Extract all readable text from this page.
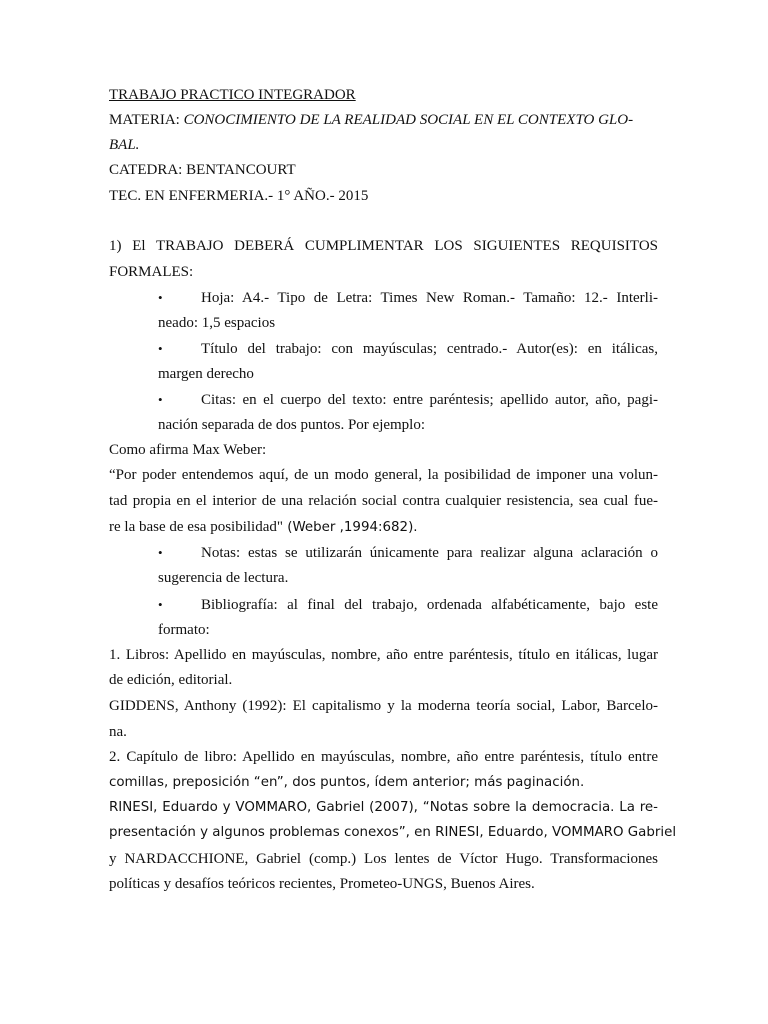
TRABAJO PRACTICO INTEGRADOR
MATERIA: CONOCIMIENTO DE LA REALIDAD SOCIAL EN EL CONTEXTO GLO-
BAL.
CATEDRA: BENTANCOURT
TEC. EN ENFERMERIA.- 1° AÑO.- 2015
1) El TRABAJO DEBERÁ CUMPLIMENTAR LOS SIGUIENTES REQUISITOS
FORMALES:
•	Hoja: A4.- Tipo de Letra: Times New Roman.- Tamaño: 12.- Interli-
neado: 1,5 espacios
•	Título del trabajo: con mayúsculas; centrado.- Autor(es): en itálicas,
margen derecho
•	Citas: en el cuerpo del texto: entre paréntesis; apellido autor, año, pagi-
nación separada de dos puntos. Por ejemplo:
Como afirma Max Weber:
“Por poder entendemos aquí, de un modo general, la posibilidad de imponer una volun-
tad propia en el interior de una relación social contra cualquier resistencia, sea cual fue-
re la base de esa posibilidad" (Weber ,1994:682).
•	Notas: estas se utilizarán únicamente para realizar alguna aclaración o
sugerencia de lectura.
•	Bibliografía: al final del trabajo, ordenada alfabéticamente, bajo este
formato:
1. Libros: Apellido en mayúsculas, nombre, año entre paréntesis, título en itálicas, lugar
de edición, editorial.
GIDDENS, Anthony (1992): El capitalismo y la moderna teoría social, Labor, Barcelo-
na.
2. Capítulo de libro: Apellido en mayúsculas, nombre, año entre paréntesis, título entre
comillas, preposición “en”, dos puntos, ídem anterior; más paginación.
RINESI, Eduardo y VOMMARO, Gabriel (2007), “Notas sobre la democracia. La re-
presentación y algunos problemas conexos”, en RINESI, Eduardo, VOMMARO Gabriel
y NARDACCHIONE, Gabriel (comp.) Los lentes de Víctor Hugo. Transformaciones
políticas y desafíos teóricos recientes, Prometeo-UNGS, Buenos Aires.
